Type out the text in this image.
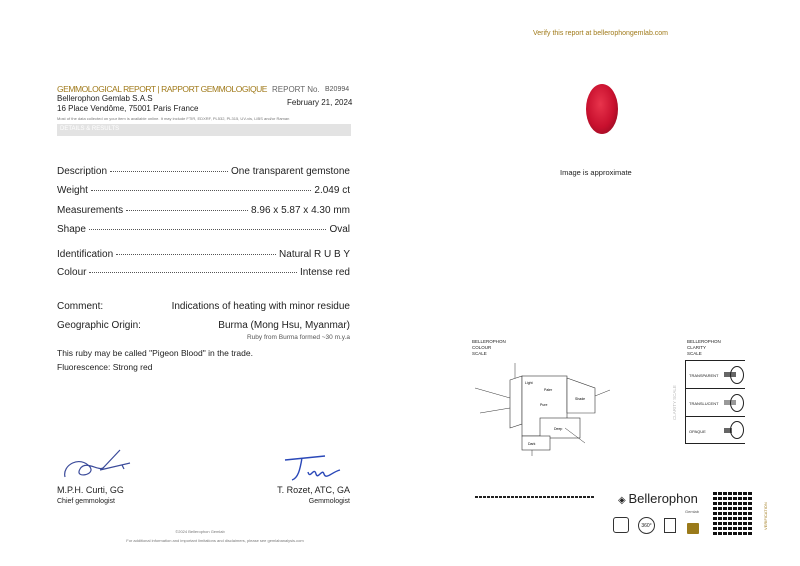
Verify this report at bellerophongemlab.com
GEMMOLOGICAL REPORT | RAPPORT GEMMOLOGIQUE
Bellerophon Gemlab S.A.S
16 Place Vendôme, 75001 Paris France
REPORT No. B20994
February 21, 2024
Most of the data collected on your item is available online. It may include FTIR, EDXRF, PL532, PL315, UV-vis, LIBS and/or Raman
DETAILS & RESULTS
Description	One transparent gemstone
Weight	2.049 ct
Measurements	8.96 x 5.87 x 4.30 mm
Shape	Oval
Identification	Natural R U B Y
Colour	Intense red
Comment:	Indications of heating with minor residue
Geographic Origin:	Burma (Mong Hsu, Myanmar)
Ruby from Burma formed ~30 m.y.a
This ruby may be called "Pigeon Blood" in the trade.
Fluorescence: Strong red
M.P.H. Curti, GG
Chief gemmologist
T. Rozet, ATC, GA
Gemmologist
©2024 Bellerophon Gemlab
For additional information and important limitations and disclaimers, please see gemlabanalysis.com
Image is approximate
BELLEROPHON
COLOUR
SCALE
Light
Paler
Pure
Shade
Deep
Dark
BELLEROPHON
CLARITY
SCALE
CLARITY SCALE
TRANSPARENT
TRANSLUCENT
OPAQUE
◈ Bellerophon
Gemlab
360°	VERIFICATION
